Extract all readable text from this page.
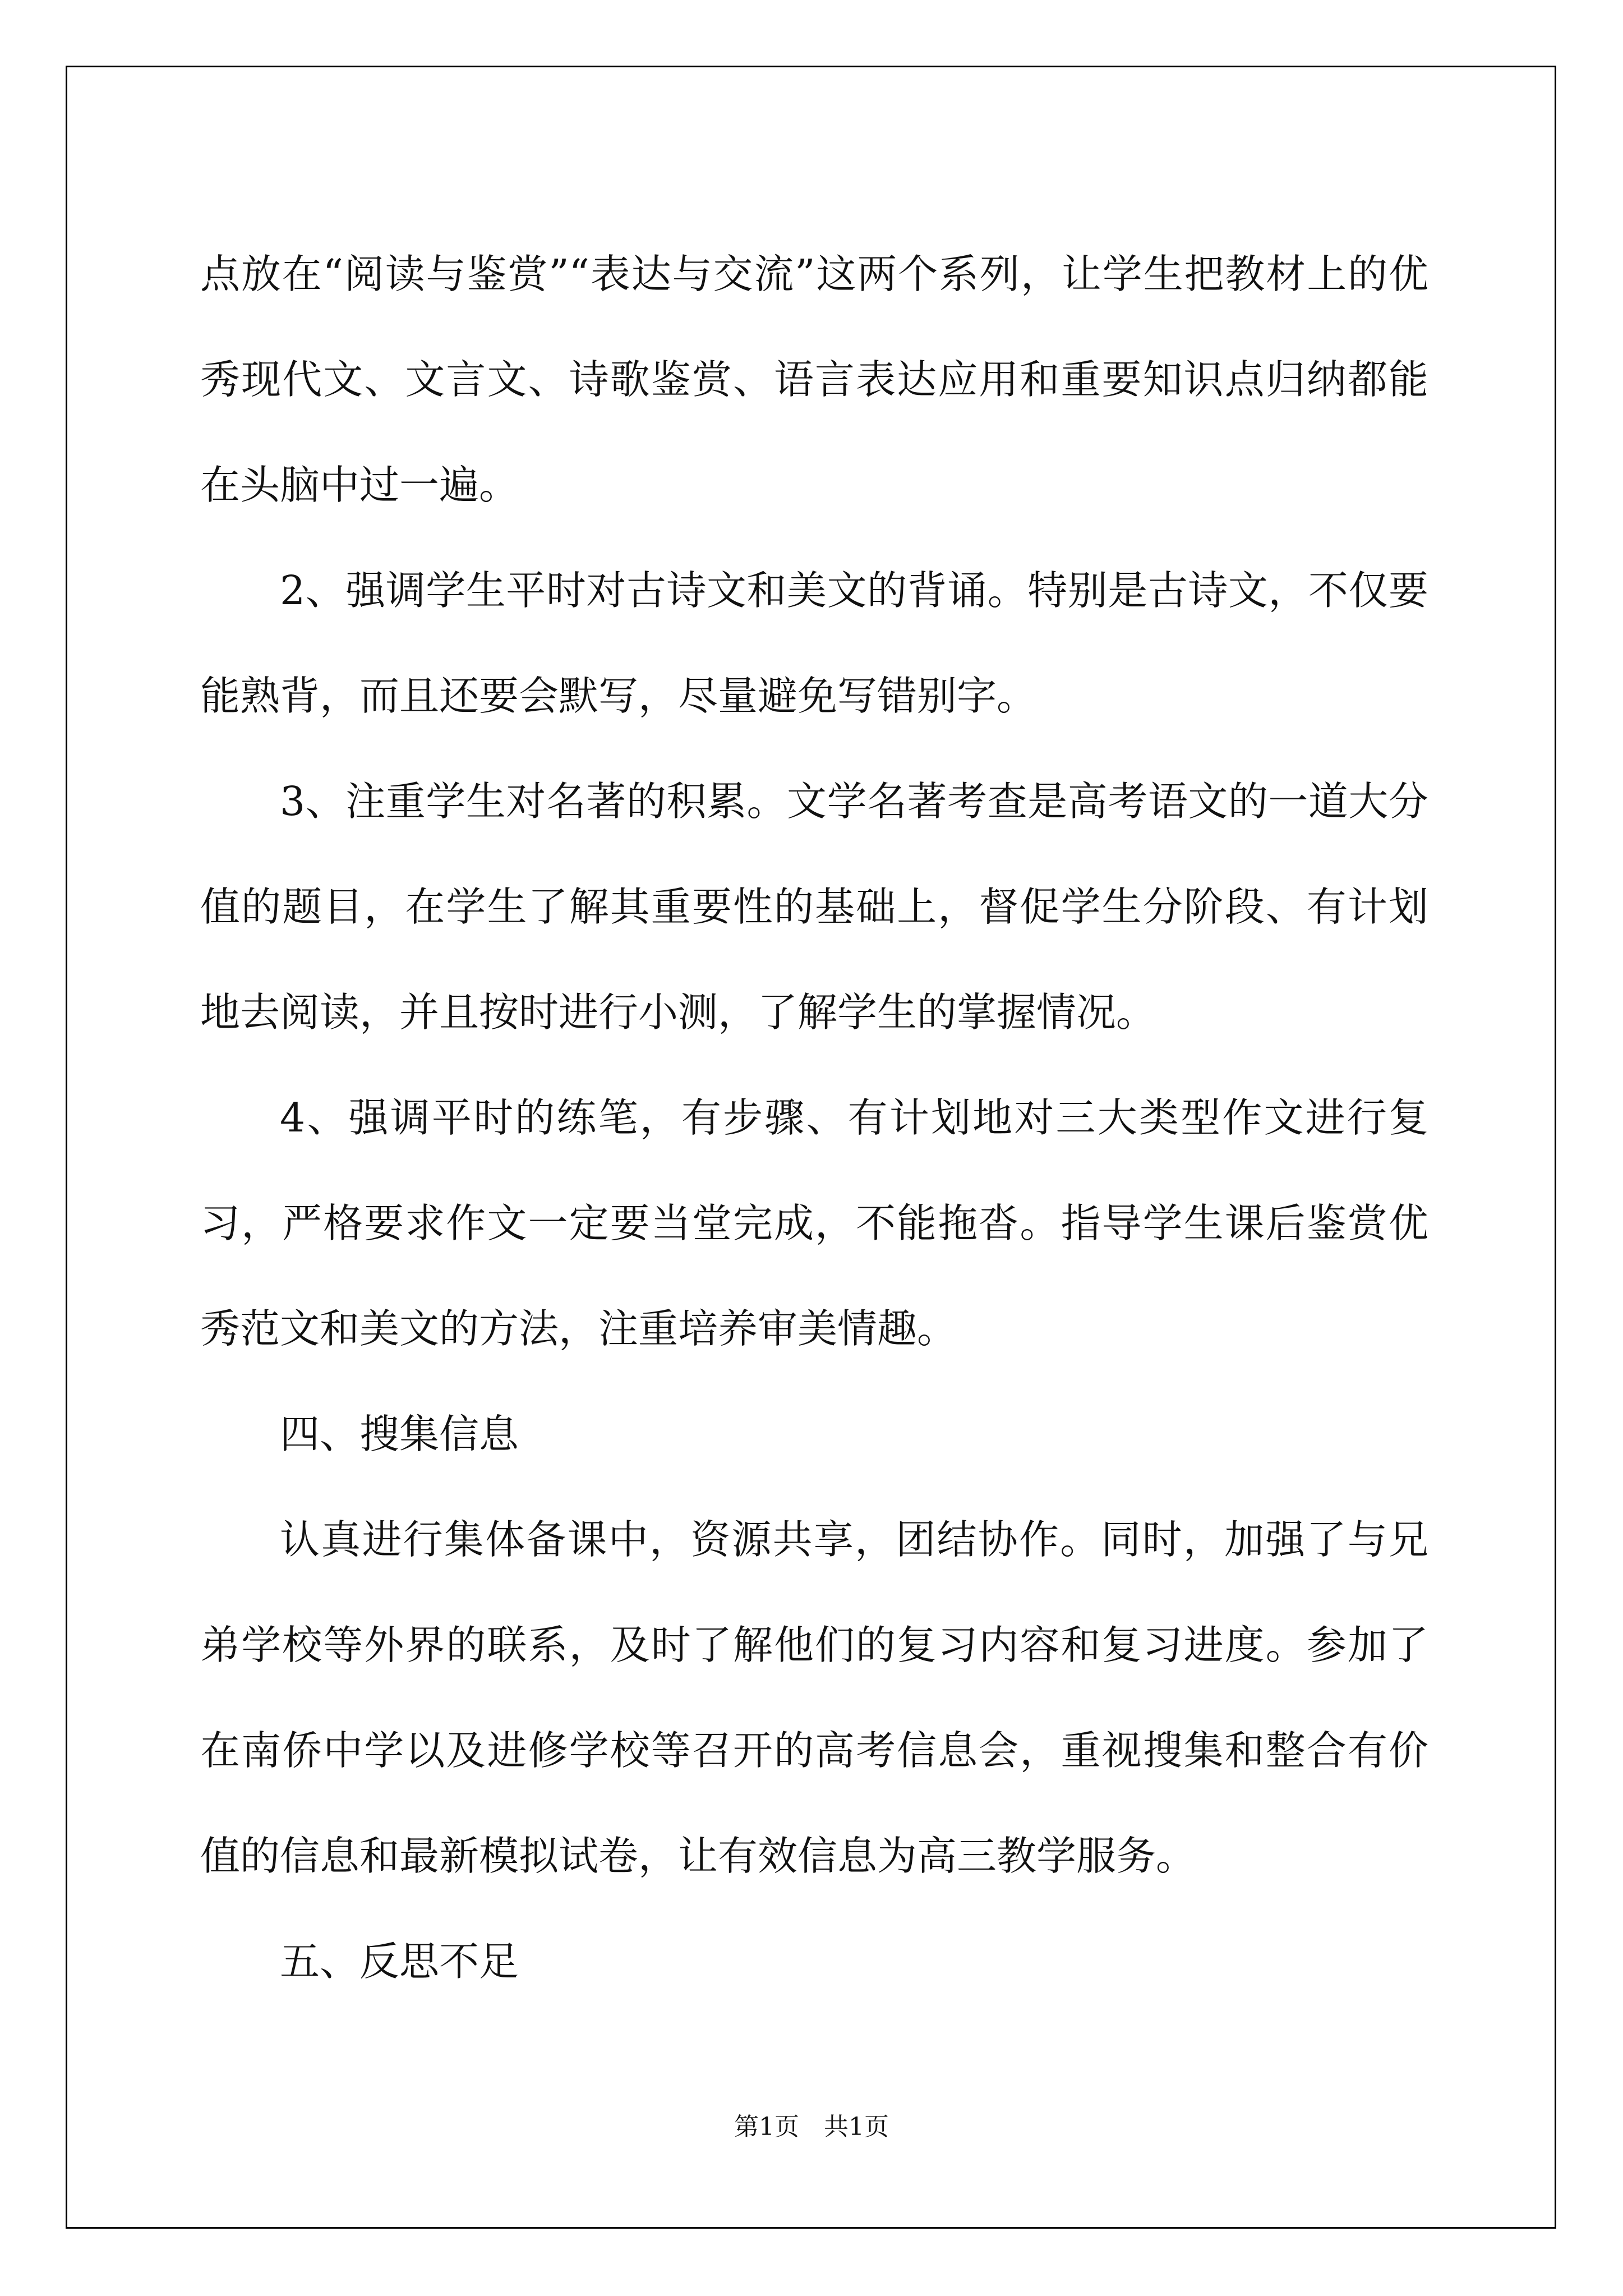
点放在“阅读与鉴赏”“表达与交流”这两个系列，让学生把教材上的优秀现代文、文言文、诗歌鉴赏、语言表达应用和重要知识点归纳都能在头脑中过一遍。

2、强调学生平时对古诗文和美文的背诵。特别是古诗文，不仅要能熟背，而且还要会默写，尽量避免写错别字。

3、注重学生对名著的积累。文学名著考查是高考语文的一道大分值的题目，在学生了解其重要性的基础上，督促学生分阶段、有计划地去阅读，并且按时进行小测，了解学生的掌握情况。

4、强调平时的练笔，有步骤、有计划地对三大类型作文进行复习，严格要求作文一定要当堂完成，不能拖沓。指导学生课后鉴赏优秀范文和美文的方法，注重培养审美情趣。

四、搜集信息

认真进行集体备课中，资源共享，团结协作。同时，加强了与兄弟学校等外界的联系，及时了解他们的复习内容和复习进度。参加了在南侨中学以及进修学校等召开的高考信息会，重视搜集和整合有价值的信息和最新模拟试卷，让有效信息为高三教学服务。

五、反思不足

第1页　共1页
